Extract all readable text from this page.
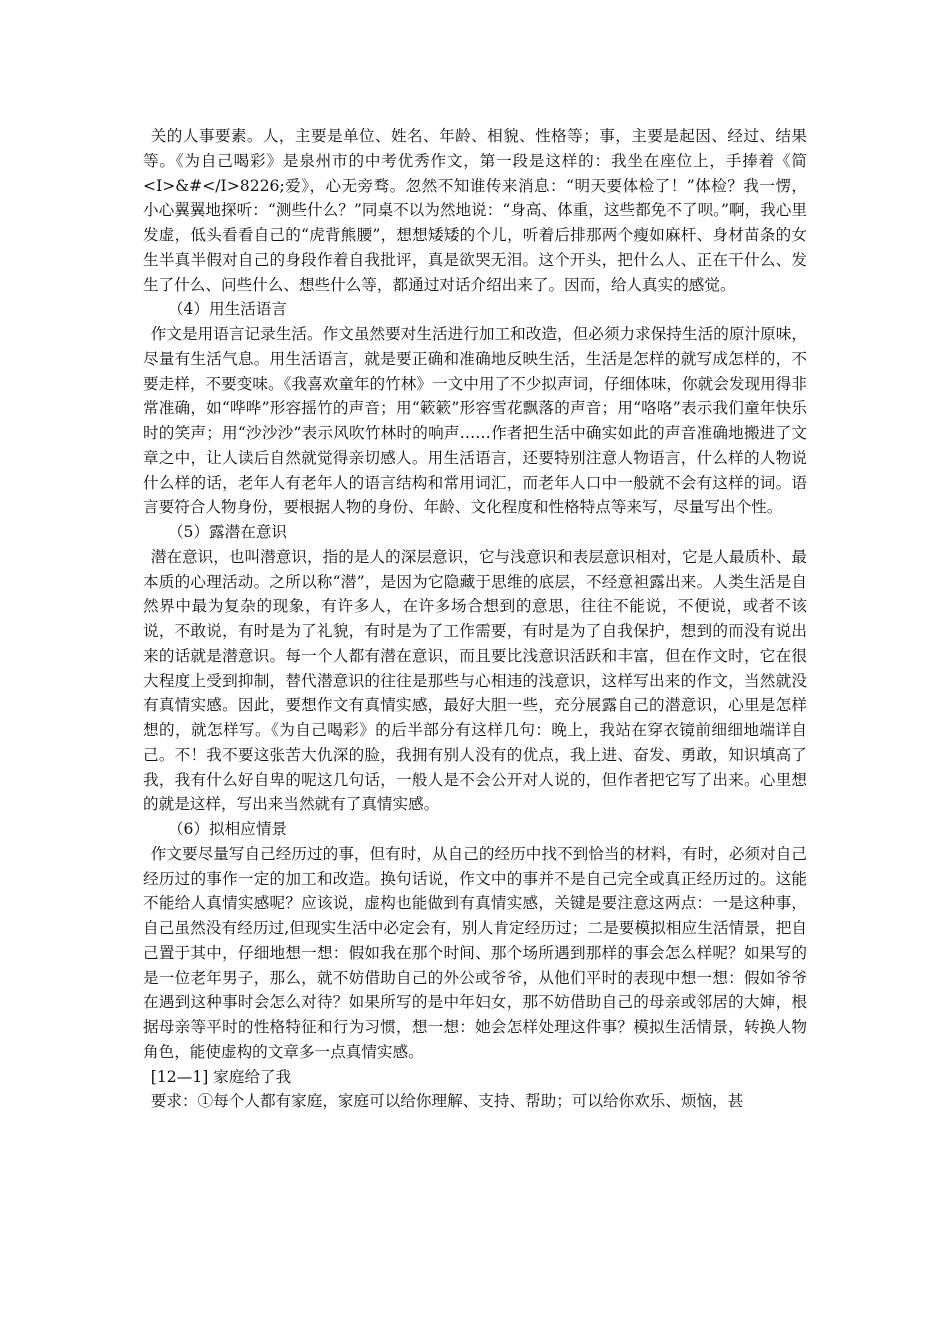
关的人事要素。人，主要是单位、姓名、年龄、相貌、性格等；事，主要是起因、经过、结果等。《为自己喝彩》是泉州市的中考优秀作文，第一段是这样的：我坐在座位上，手捧着《简<I>&#</I>8226;爱》，心无旁骛。忽然不知谁传来消息：“明天要体检了！”体检？我一愣，小心翼翼地探听：“测些什么？”同桌不以为然地说：“身高、体重，这些都免不了呗。”啊，我心里发虚，低头看看自己的“虎背熊腰”，想想矮矮的个儿，听着后排那两个瘦如麻杆、身材苗条的女生半真半假对自己的身段作着自我批评，真是欲哭无泪。这个开头，把什么人、正在干什么、发生了什么、问些什么、想些什么等，都通过对话介绍出来了。因而，给人真实的感觉。

（4）用生活语言

作文是用语言记录生活。作文虽然要对生活进行加工和改造，但必须力求保持生活的原汁原味，尽量有生活气息。用生活语言，就是要正确和准确地反映生活，生活是怎样的就写成怎样的，不要走样，不要变味。《我喜欢童年的竹林》一文中用了不少拟声词，仔细体味，你就会发现用得非常准确，如“哗哗”形容摇竹的声音；用“簌簌”形容雪花飘落的声音；用“咯咯”表示我们童年快乐时的笑声；用“沙沙沙”表示风吹竹林时的响声……作者把生活中确实如此的声音准确地搬进了文章之中，让人读后自然就觉得亲切感人。用生活语言，还要特别注意人物语言，什么样的人物说什么样的话，老年人有老年人的语言结构和常用词汇，而老年人口中一般就不会有这样的词。语言要符合人物身份，要根据人物的身份、年龄、文化程度和性格特点等来写，尽量写出个性。

（5）露潜在意识

潜在意识，也叫潜意识，指的是人的深层意识，它与浅意识和表层意识相对，它是人最质朴、最本质的心理活动。之所以称“潜”，是因为它隐藏于思维的底层，不经意袒露出来。人类生活是自然界中最为复杂的现象，有许多人，在许多场合想到的意思，往往不能说，不便说，或者不该说，不敢说，有时是为了礼貌，有时是为了工作需要，有时是为了自我保护，想到的而没有说出来的话就是潜意识。每一个人都有潜在意识，而且要比浅意识活跃和丰富，但在作文时，它在很大程度上受到抑制，替代潜意识的往往是那些与心相违的浅意识，这样写出来的作文，当然就没有真情实感。因此，要想作文有真情实感，最好大胆一些，充分展露自己的潜意识，心里是怎样想的，就怎样写。《为自己喝彩》的后半部分有这样几句：晚上，我站在穿衣镜前细细地端详自己。不！我不要这张苦大仇深的脸，我拥有别人没有的优点，我上进、奋发、勇敢，知识填高了我，我有什么好自卑的呢这几句话，一般人是不会公开对人说的，但作者把它写了出来。心里想的就是这样，写出来当然就有了真情实感。

（6）拟相应情景

作文要尽量写自己经历过的事，但有时，从自己的经历中找不到恰当的材料，有时，必须对自己经历过的事作一定的加工和改造。换句话说，作文中的事并不是自己完全或真正经历过的。这能不能给人真情实感呢？应该说，虚构也能做到有真情实感，关键是要注意这两点：一是这种事，自己虽然没有经历过,但现实生活中必定会有，别人肯定经历过；二是要模拟相应生活情景，把自己置于其中，仔细地想一想：假如我在那个时间、那个场所遇到那样的事会怎么样呢？如果写的是一位老年男子，那么，就不妨借助自己的外公或爷爷，从他们平时的表现中想一想：假如爷爷在遇到这种事时会怎么对待？如果所写的是中年妇女，那不妨借助自己的母亲或邻居的大婶，根据母亲等平时的性格特征和行为习惯，想一想：她会怎样处理这件事？模拟生活情景，转换人物角色，能使虚构的文章多一点真情实感。

[12—1] 家庭给了我

要求：①每个人都有家庭，家庭可以给你理解、支持、帮助；可以给你欢乐、烦恼，甚
